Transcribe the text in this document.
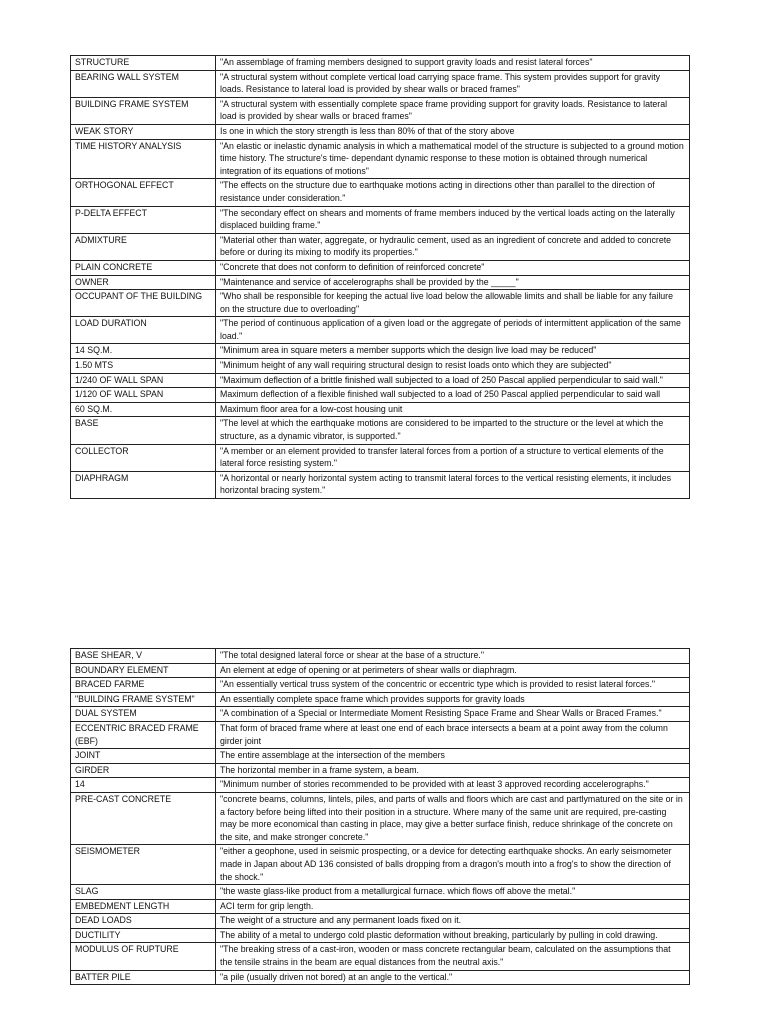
STRUCTURE	"An assemblage of framing members designed to support gravity loads and resist lateral forces"
BEARING WALL SYSTEM	"A structural system without complete vertical load carrying space frame. This system provides support for gravity loads. Resistance to lateral load is provided by shear walls or braced frames"
BUILDING FRAME SYSTEM	"A structural system with essentially complete space frame providing support for gravity loads. Resistance to lateral load is provided by shear walls or braced frames"
WEAK STORY	Is one in which the story strength is less than 80% of that of the story above
TIME HISTORY ANALYSIS	"An elastic or inelastic dynamic analysis in which a mathematical model of the structure is subjected to a ground motion time history. The structure's time- dependant dynamic response to these motion is obtained through numerical integration of its equations of motions"
ORTHOGONAL EFFECT	"The effects on the structure due to earthquake motions acting in directions other than parallel to the direction of resistance under consideration."
P-DELTA EFFECT	"The secondary effect on shears and moments of frame members induced by the vertical loads acting on the laterally displaced building frame."
ADMIXTURE	"Material other than water, aggregate, or hydraulic cement, used as an ingredient of concrete and added to concrete before or during its mixing to modify its properties."
PLAIN CONCRETE	"Concrete that does not conform to definition of reinforced concrete"
OWNER	"Maintenance and service of accelerographs shall be provided by the _____"
OCCUPANT OF THE BUILDING	"Who shall be responsible for keeping the actual live load below the allowable limits and shall be liable for any failure on the structure due to overloading"
LOAD DURATION	"The period of continuous application of a given load or the aggregate of periods of intermittent application of the same load."
14 SQ.M.	"Minimum area in square meters a member supports which the design live load may be reduced"
1.50 MTS	"Minimum height of any wall requiring structural design to resist loads onto which they are subjected"
1/240 OF WALL SPAN	"Maximum deflection of a brittle finished wall subjected to a load of 250 Pascal applied perpendicular to said wall."
1/120 OF WALL SPAN	Maximum deflection of a flexible finished wall subjected to a load of 250 Pascal applied perpendicular to said wall
60 SQ.M.	Maximum floor area for a low-cost housing unit
BASE	"The level at which the earthquake motions are considered to be imparted to the structure or the level at which the structure, as a dynamic vibrator, is supported."
COLLECTOR	"A member or an element provided to transfer lateral forces from a portion of a structure to vertical elements of the lateral force resisting system."
DIAPHRAGM	"A horizontal or nearly horizontal system acting to transmit lateral forces to the vertical resisting elements, it includes horizontal bracing system."
BASE SHEAR, V	"The total designed lateral force or shear at the base of a structure."
BOUNDARY ELEMENT	An element at edge of opening or at perimeters of shear walls or diaphragm.
BRACED FARME	"An essentially vertical truss system of the concentric or eccentric type which is provided to resist lateral forces."
"BUILDING FRAME SYSTEM"	An essentially complete space frame which provides supports for gravity loads
DUAL SYSTEM	"A combination of a Special or Intermediate Moment Resisting Space Frame and Shear Walls or Braced Frames."
ECCENTRIC BRACED FRAME (EBF)	That form of braced frame where at least one end of each brace intersects a beam at a point away from the column girder joint
JOINT	The entire assemblage at the intersection of the members
GIRDER	The horizontal member in a frame system, a beam.
14	"Minimum number of stories recommended to be provided with at least 3 approved recording accelerographs."
PRE-CAST CONCRETE	"concrete beams, columns, lintels, piles, and parts of walls and floors which are cast and partlymatured on the site or in a factory before being lifted into their position in a structure. Where many of the same unit are required, pre-casting may be more economical than casting in place, may give a better surface finish, reduce shrinkage of the concrete on the site, and make stronger concrete."
SEISMOMETER	"either a geophone, used in seismic prospecting, or a device for detecting earthquake shocks. An early seismometer made in Japan about AD 136 consisted of balls dropping from a dragon's mouth into a frog's to show the direction of the shock."
SLAG	"the waste glass-like product from a metallurgical furnace. which flows off above the metal."
EMBEDMENT LENGTH	ACI term for grip length.
DEAD LOADS	The weight of a structure and any permanent loads fixed on it.
DUCTILITY	The ability of a metal to undergo cold plastic deformation without breaking, particularly by pulling in cold drawing.
MODULUS OF RUPTURE	"The breaking stress of a cast-iron, wooden or mass concrete rectangular beam, calculated on the assumptions that the tensile strains in the beam are equal distances from the neutral axis."
BATTER PILE	"a pile (usually driven not bored) at an angle to the vertical."
